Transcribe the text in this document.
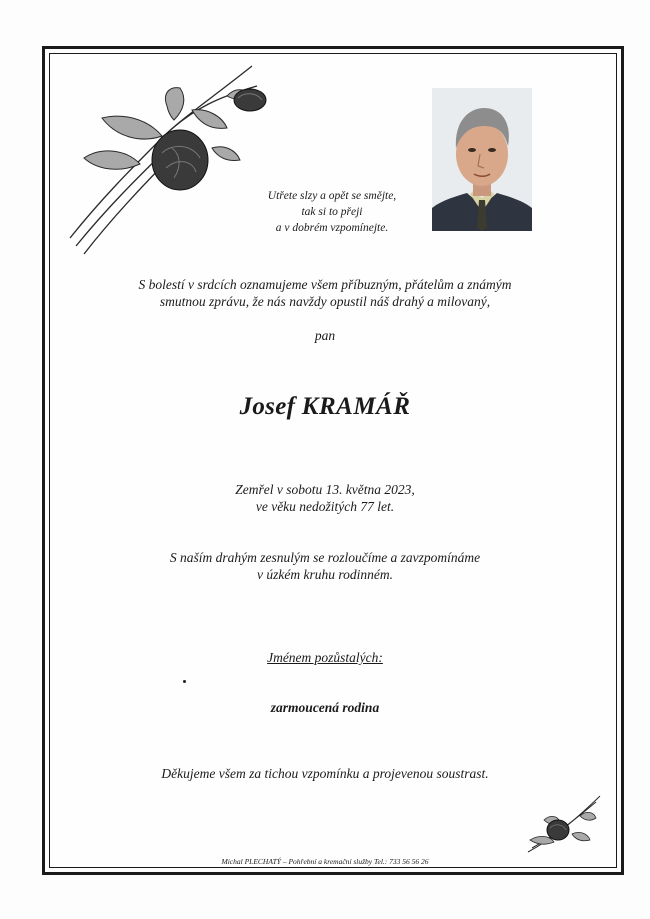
Utřete slzy a opět se smějte,
tak si to přeji
a v dobrém vzpomínejte.
S bolestí v srdcích oznamujeme všem příbuzným, přátelům a známým
smutnou zprávu, že nás navždy opustil náš drahý a milovaný,
pan
Josef KRAMÁŘ
Zemřel v sobotu 13. května 2023,
ve věku nedožitých 77 let.
S naším drahým zesnulým se rozloučíme a zavzpomínáme
v úzkém kruhu rodinném.
Jménem pozůstalých:
zarmoucená rodina
Děkujeme všem za tichou vzpomínku a projevenou soustrast.
Michal PLECHATÝ – Pohřební a kremační služby Tel.: 733 56 56 26
